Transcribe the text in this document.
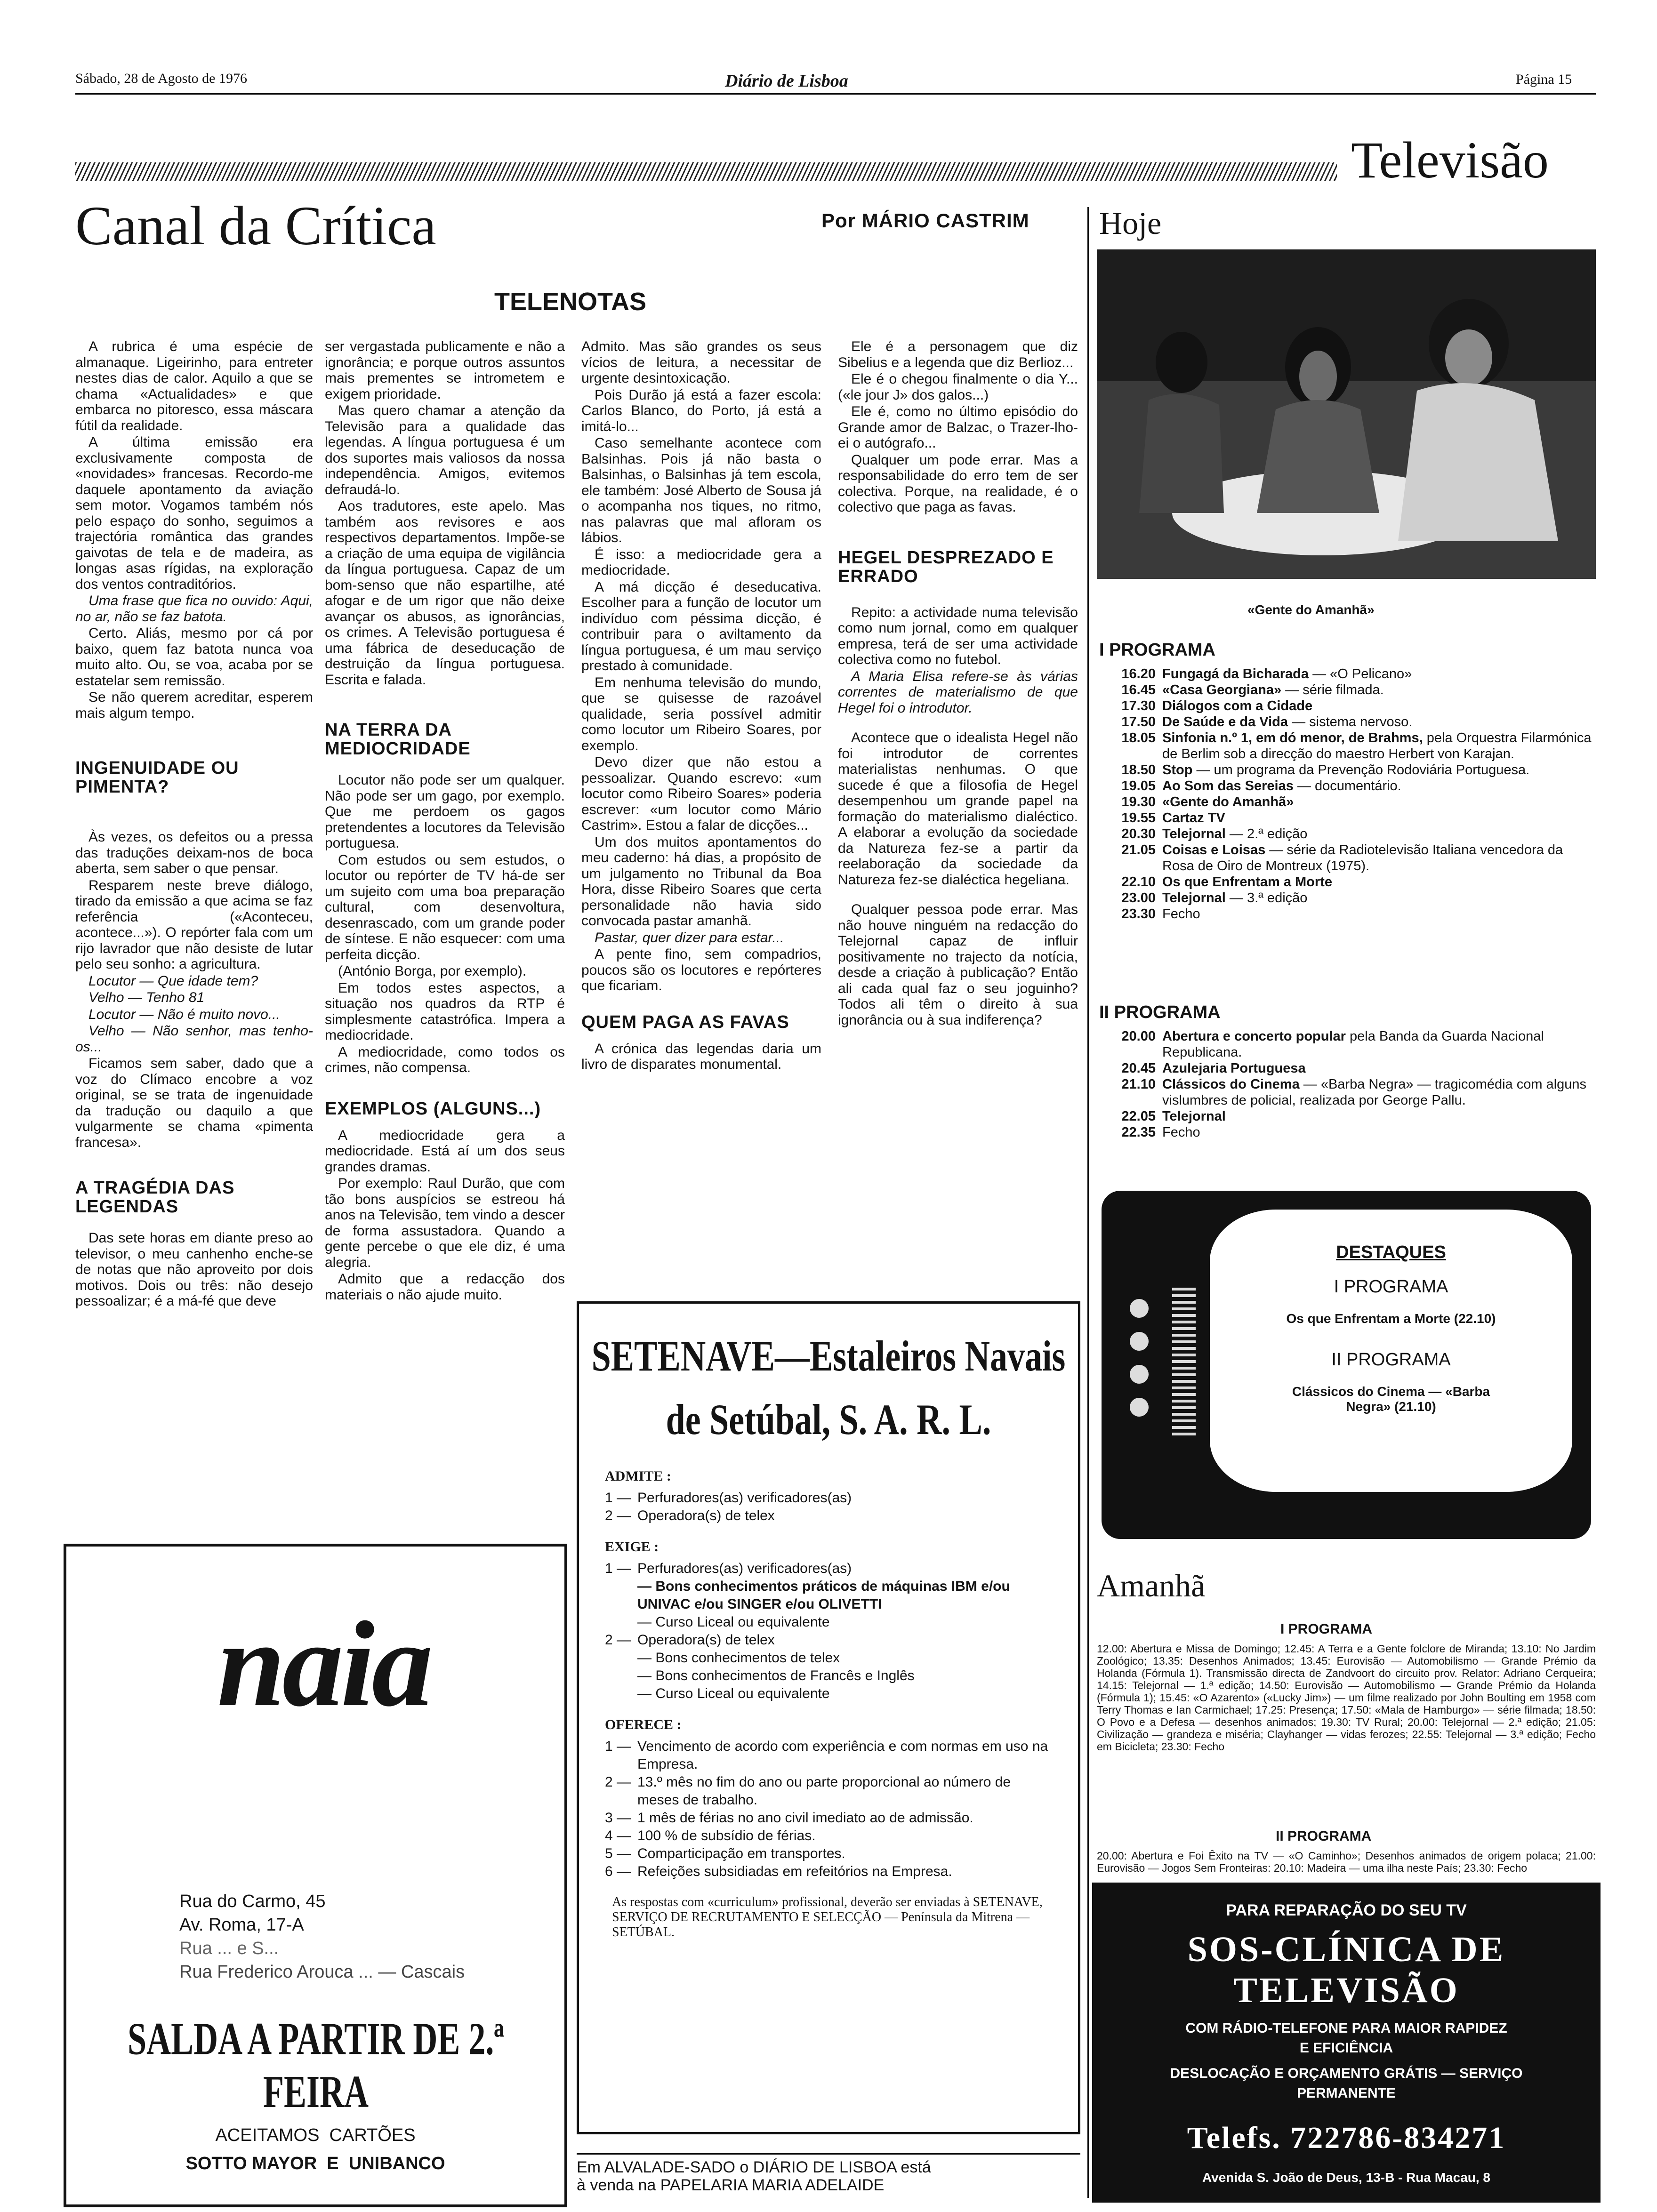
Sábado, 28 de Agosto de 1976	Diário de Lisboa	Página 15
Televisão
Canal da Crítica	Por MÁRIO CASTRIM
TELENOTAS

A rubrica é uma espécie de almanaque. Ligeirinho, para entreter nestes dias de calor. Aquilo a que se chama «Actualidades» e que embarca no pitoresco, essa máscara fútil da realidade.

A última emissão era exclusivamente composta de «novidades» francesas. Recordo-me daquele apontamento da aviação sem motor. Vogamos também nós pelo espaço do sonho, seguimos a trajectória romântica das grandes gaivotas de tela e de madeira, as longas asas rígidas, na exploração dos ventos contraditórios.

Uma frase que fica no ouvido: Aqui, no ar, não se faz batota.

Certo. Aliás, mesmo por cá por baixo, quem faz batota nunca voa muito alto. Ou, se voa, acaba por se estatelar sem remissão.

Se não querem acreditar, esperem mais algum tempo.

INGENUIDADE OU PIMENTA?

Às vezes, os defeitos ou a pressa das traduções deixam-nos de boca aberta, sem saber o que pensar.

Resparem neste breve diálogo, tirado da emissão a que acima se faz referência («Aconteceu, acontece...»). O repórter fala com um rijo lavrador que não desiste de lutar pelo seu sonho: a agricultura.

Locutor — Que idade tem?

Velho — Tenho 81

Locutor — Não é muito novo...

Velho — Não senhor, mas tenho-os...

Ficamos sem saber, dado que a voz do Clímaco encobre a voz original, se se trata de ingenuidade da tradução ou daquilo a que vulgarmente se chama «pimenta francesa».

A TRAGÉDIA DAS LEGENDAS

Das sete horas em diante preso ao televisor, o meu canhenho enche-se de notas que não aproveito por dois motivos. Dois ou três: não desejo pessoalizar; é a má-fé que deve

ser vergastada publicamente e não a ignorância; e porque outros assuntos mais prementes se intrometem e exigem prioridade.

Mas quero chamar a atenção da Televisão para a qualidade das legendas. A língua portuguesa é um dos suportes mais valiosos da nossa independência. Amigos, evitemos defraudá-lo.

Aos tradutores, este apelo. Mas também aos revisores e aos respectivos departamentos. Impõe-se a criação de uma equipa de vigilância da língua portuguesa. Capaz de um bom-senso que não espartilhe, até afogar e de um rigor que não deixe avançar os abusos, as ignorâncias, os crimes. A Televisão portuguesa é uma fábrica de deseducação de destruição da língua portuguesa. Escrita e falada.

NA TERRA DA MEDIOCRIDADE

Locutor não pode ser um qualquer. Não pode ser um gago, por exemplo. Que me perdoem os gagos pretendentes a locutores da Televisão portuguesa.

Com estudos ou sem estudos, o locutor ou repórter de TV há-de ser um sujeito com uma boa preparação cultural, com desenvoltura, desenrascado, com um grande poder de síntese. E não esquecer: com uma perfeita dicção.

(António Borga, por exemplo).

Em todos estes aspectos, a situação nos quadros da RTP é simplesmente catastrófica. Impera a mediocridade.

A mediocridade, como todos os crimes, não compensa.

EXEMPLOS (ALGUNS...)

A mediocridade gera a mediocridade. Está aí um dos seus grandes dramas.

Por exemplo: Raul Durão, que com tão bons auspícios se estreou há anos na Televisão, tem vindo a descer de forma assustadora. Quando a gente percebe o que ele diz, é uma alegria.

Admito que a redacção dos materiais o não ajude muito.

Admito. Mas são grandes os seus vícios de leitura, a necessitar de urgente desintoxicação.

Pois Durão já está a fazer escola: Carlos Blanco, do Porto, já está a imitá-lo...

Caso semelhante acontece com Balsinhas. Pois já não basta o Balsinhas, o Balsinhas já tem escola, ele também: José Alberto de Sousa já o acompanha nos tiques, no ritmo, nas palavras que mal afloram os lábios.

É isso: a mediocridade gera a mediocridade.

A má dicção é deseducativa. Escolher para a função de locutor um indivíduo com péssima dicção, é contribuir para o aviltamento da língua portuguesa, é um mau serviço prestado à comunidade.

Em nenhuma televisão do mundo, que se quisesse de razoável qualidade, seria possível admitir como locutor um Ribeiro Soares, por exemplo.

Devo dizer que não estou a pessoalizar. Quando escrevo: «um locutor como Ribeiro Soares» poderia escrever: «um locutor como Mário Castrim». Estou a falar de dicções...

Um dos muitos apontamentos do meu caderno: há dias, a propósito de um julgamento no Tribunal da Boa Hora, disse Ribeiro Soares que certa personalidade não havia sido convocada pastar amanhã.

Pastar, quer dizer para estar...

A pente fino, sem compadrios, poucos são os locutores e repórteres que ficariam.

QUEM PAGA AS FAVAS

A crónica das legendas daria um livro de disparates monumental.

Ele é a personagem que diz Sibelius e a legenda que diz Berlioz...

Ele é o chegou finalmente o dia Y... («le jour J» dos galos...)

Ele é, como no último episódio do Grande amor de Balzac, o Trazer-lho-ei o autógrafo...

Qualquer um pode errar. Mas a responsabilidade do erro tem de ser colectiva. Porque, na realidade, é o colectivo que paga as favas.

HEGEL DESPREZADO E ERRADO

Repito: a actividade numa televisão como num jornal, como em qualquer empresa, terá de ser uma actividade colectiva como no futebol.

A Maria Elisa refere-se às várias correntes de materialismo de que Hegel foi o introdutor.

Acontece que o idealista Hegel não foi introdutor de correntes materialistas nenhumas. O que sucede é que a filosofia de Hegel desempenhou um grande papel na formação do materialismo dialéctico. A elaborar a evolução da sociedade da Natureza fez-se a partir da reelaboração da sociedade da Natureza fez-se dialéctica hegeliana.

Qualquer pessoa pode errar. Mas não houve ninguém na redacção do Telejornal capaz de influir positivamente no trajecto da notícia, desde a criação à publicação? Então ali cada qual faz o seu joguinho? Todos ali têm o direito à sua ignorância ou à sua indiferença?

Hoje
«Gente do Amanhã»
I PROGRAMA
16.20 Fungagá da Bicharada — «O Pelicano»
16.45 «Casa Georgiana» — série filmada.
17.30 Diálogos com a Cidade
17.50 De Saúde e da Vida — sistema nervoso.
18.05 Sinfonia n.º 1, em dó menor, de Brahms, pela Orquestra Filarmónica de Berlim sob a direcção do maestro Herbert von Karajan.
18.50 Stop — um programa da Prevenção Rodoviária Portuguesa.
19.05 Ao Som das Sereias — documentário.
19.30 «Gente do Amanhã»
19.55 Cartaz TV
20.30 Telejornal — 2.ª edição
21.05 Coisas e Loisas — série da Radiotelevisão Italiana vencedora da Rosa de Oiro de Montreux (1975).
22.10 Os que Enfrentam a Morte
23.00 Telejornal — 3.ª edição
23.30 Fecho
II PROGRAMA
20.00 Abertura e concerto popular pela Banda da Guarda Nacional Republicana.
20.45 Azulejaria Portuguesa
21.10 Clássicos do Cinema — «Barba Negra» — tragicomédia com alguns vislumbres de policial, realizada por George Pallu.
22.05 Telejornal
22.35 Fecho
DESTAQUES
I PROGRAMA
Os que Enfrentam a Morte (22.10)
II PROGRAMA
Clássicos do Cinema — «Barba Negra» (21.10)
Amanhã
I PROGRAMA
12.00: Abertura e Missa de Domingo; 12.45: A Terra e a Gente folclore de Miranda; 13.10: No Jardim Zoológico; 13.35: Desenhos Animados; 13.45: Eurovisão — Automobilismo — Grande Prémio da Holanda (Fórmula 1). Transmissão directa de Zandvoort do circuito prov. Relator: Adriano Cerqueira; 14.15: Telejornal — 1.ª edição; 14.50: Eurovisão — Automobilismo — Grande Prémio da Holanda (Fórmula 1); 15.45: «O Azarento» («Lucky Jim») — um filme realizado por John Boulting em 1958 com Terry Thomas e Ian Carmichael; 17.25: Presença; 17.50: «Mala de Hamburgo» — série filmada; 18.50: O Povo e a Defesa — desenhos animados; 19.30: TV Rural; 20.00: Telejornal — 2.ª edição; 21.05: Civilização — grandeza e miséria; Clayhanger — vidas ferozes; 22.55: Telejornal — 3.ª edição; Fecho em Bicicleta; 23.30: Fecho
II PROGRAMA
20.00: Abertura e Foi Êxito na TV — «O Caminho»; Desenhos animados de origem polaca; 21.00: Eurovisão — Jogos Sem Fronteiras: 20.10: Madeira — uma ilha neste País; 23.30: Fecho
PARA REPARAÇÃO DO SEU TV
SOS-CLÍNICA DE TELEVISÃO
COM RÁDIO-TELEFONE PARA MAIOR RAPIDEZ
E EFICIÊNCIA
DESLOCAÇÃO E ORÇAMENTO GRÁTIS — SERVIÇO
PERMANENTE
Telefs. 722786-834271
Avenida S. João de Deus, 13-B - Rua Macau, 8
naia
Rua do Carmo, 45
Av. Roma, 17-A
Rua ... e S...
Rua Frederico Arouca ... — Cascais
SALDA A PARTIR DE 2.ª FEIRA
ACEITAMOS  CARTÕES
SOTTO MAYOR  E  UNIBANCO
SETENAVE—Estaleiros Navais
de Setúbal, S. A. R. L.
ADMITE :
1 — Perfuradores(as) verificadores(as)
2 — Operadora(s) de telex
EXIGE :
1 — Perfuradores(as) verificadores(as)
— Bons conhecimentos práticos de máquinas IBM e/ou UNIVAC e/ou SINGER e/ou OLIVETTI
— Curso Liceal ou equivalente
2 — Operadora(s) de telex
— Bons conhecimentos de telex
— Bons conhecimentos de Francês e Inglês
— Curso Liceal ou equivalente
OFERECE :
1 — Vencimento de acordo com experiência e com normas em uso na Empresa.
2 — 13.º mês no fim do ano ou parte proporcional ao número de meses de trabalho.
3 — 1 mês de férias no ano civil imediato ao de admissão.
4 — 100 % de subsídio de férias.
5 — Comparticipação em transportes.
6 — Refeições subsidiadas em refeitórios na Empresa.
As respostas com «curriculum» profissional, deverão ser enviadas à SETENAVE, SERVIÇO DE RECRUTAMENTO E SELECÇÃO — Península da Mitrena — SETÚBAL.
Em ALVALADE-SADO o DIÁRIO DE LISBOA está
à venda na PAPELARIA MARIA ADELAIDE
